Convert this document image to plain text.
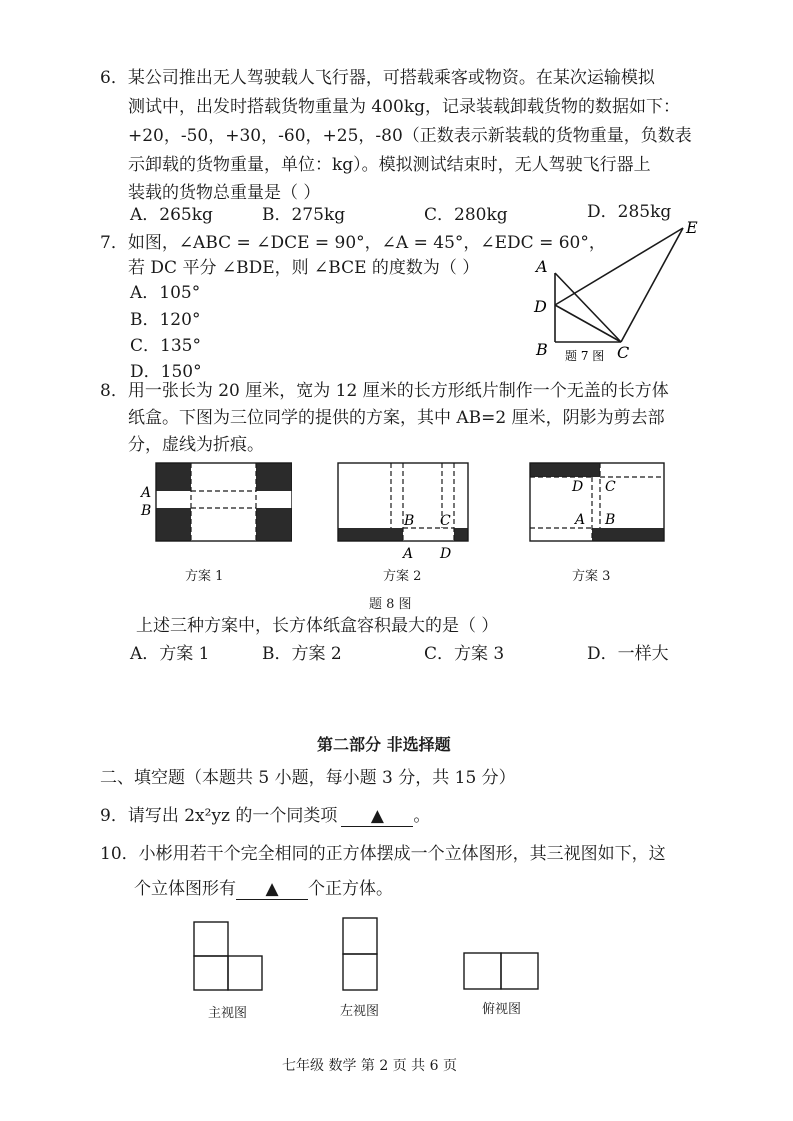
6．某公司推出无人驾驶载人飞行器，可搭载乘客或物资。在某次运输模拟
测试中，出发时搭载货物重量为 400kg，记录装载卸载货物的数据如下：
+20，-50，+30，-60，+25，-80（正数表示新装载的货物重量，负数表
示卸载的货物重量，单位：kg）。模拟测试结束时，无人驾驶飞行器上
装载的货物总重量是（ ）
A．265kg	B．275kg	C．280kg	D．285kg
7．如图，∠ABC = ∠DCE = 90°，∠A = 45°，∠EDC = 60°，
若 DC 平分 ∠BDE，则 ∠BCE 的度数为（ ）
A．105°
B．120°
C．135°
D．150°
A
D
B	C
E
题 7 图
8．用一张长为 20 厘米，宽为 12 厘米的长方形纸片制作一个无盖的长方体
纸盒。下图为三位同学的提供的方案，其中 AB=2 厘米，阴影为剪去部
分，虚线为折痕。
A
B
B C
A D
D C
A B
方案 1	方案 2	方案 3
题 8 图
上述三种方案中，长方体纸盒容积最大的是（ ）
A．方案 1	B．方案 2	C．方案 3	D．一样大
第二部分 非选择题
二、填空题（本题共 5 小题，每小题 3 分，共 15 分）
9．请写出 2x²yz 的一个同类项 ▲ 。
10．小彬用若干个完全相同的正方体摆成一个立体图形，其三视图如下，这
个立体图形有 ▲ 个正方体。
主视图	左视图	俯视图
七年级 数学 第 2 页 共 6 页
